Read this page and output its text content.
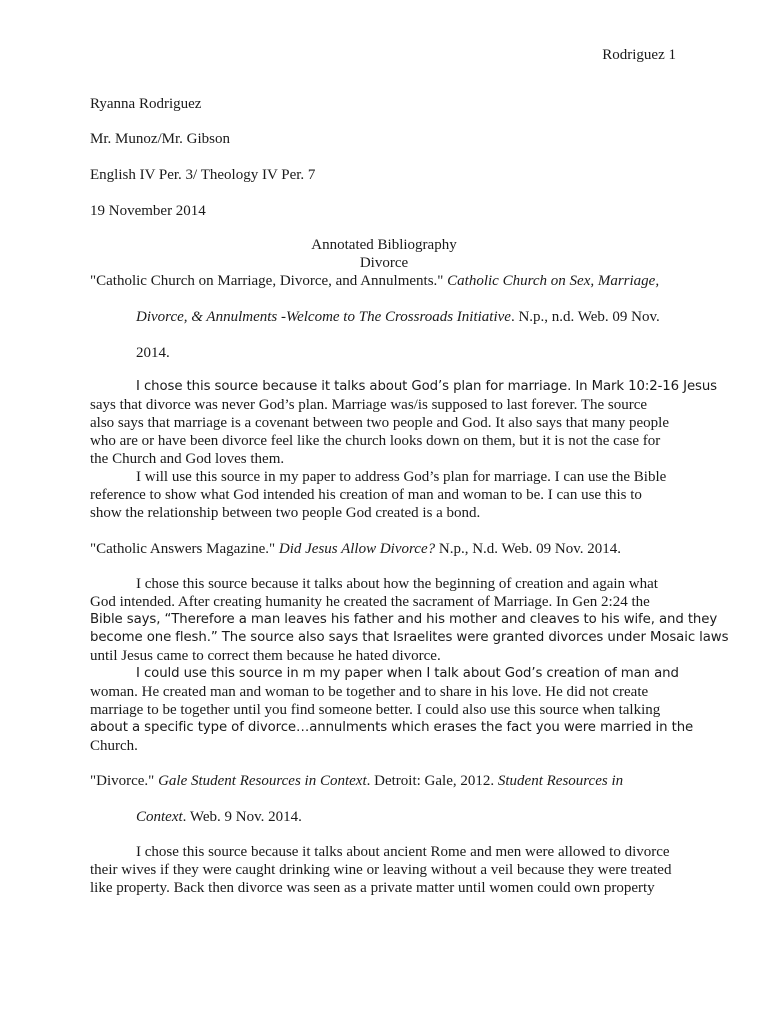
Rodriguez 1
Ryanna Rodriguez
Mr. Munoz/Mr. Gibson
English IV Per. 3/ Theology IV Per. 7
19 November 2014
Annotated Bibliography
Divorce
"Catholic Church on Marriage, Divorce, and Annulments." Catholic Church on Sex, Marriage,
Divorce, & Annulments -Welcome to The Crossroads Initiative. N.p., n.d. Web. 09 Nov.
2014.
I chose this source because it talks about God’s plan for marriage. In Mark 10:2-16 Jesus
says that divorce was never God’s plan. Marriage was/is supposed to last forever. The source
also says that marriage is a covenant between two people and God. It also says that many people
who are or have been divorce feel like the church looks down on them, but it is not the case for
the Church and God loves them.
I will use this source in my paper to address God’s plan for marriage. I can use the Bible
reference to show what God intended his creation of man and woman to be. I can use this to
show the relationship between two people God created is a bond.
"Catholic Answers Magazine." Did Jesus Allow Divorce? N.p., N.d. Web. 09 Nov. 2014.
I chose this source because it talks about how the beginning of creation and again what
God intended. After creating humanity he created the sacrament of Marriage. In Gen 2:24 the
Bible says, “Therefore a man leaves his father and his mother and cleaves to his wife, and they
become one flesh.” The source also says that Israelites were granted divorces under Mosaic laws
until Jesus came to correct them because he hated divorce.
I could use this source in m my paper when I talk about God’s creation of man and
woman. He created man and woman to be together and to share in his love. He did not create
marriage to be together until you find someone better. I could also use this source when talking
about a specific type of divorce…annulments which erases the fact you were married in the
Church.
"Divorce." Gale Student Resources in Context. Detroit: Gale, 2012. Student Resources in
Context. Web. 9 Nov. 2014.
I chose this source because it talks about ancient Rome and men were allowed to divorce
their wives if they were caught drinking wine or leaving without a veil because they were treated
like property. Back then divorce was seen as a private matter until women could own property
